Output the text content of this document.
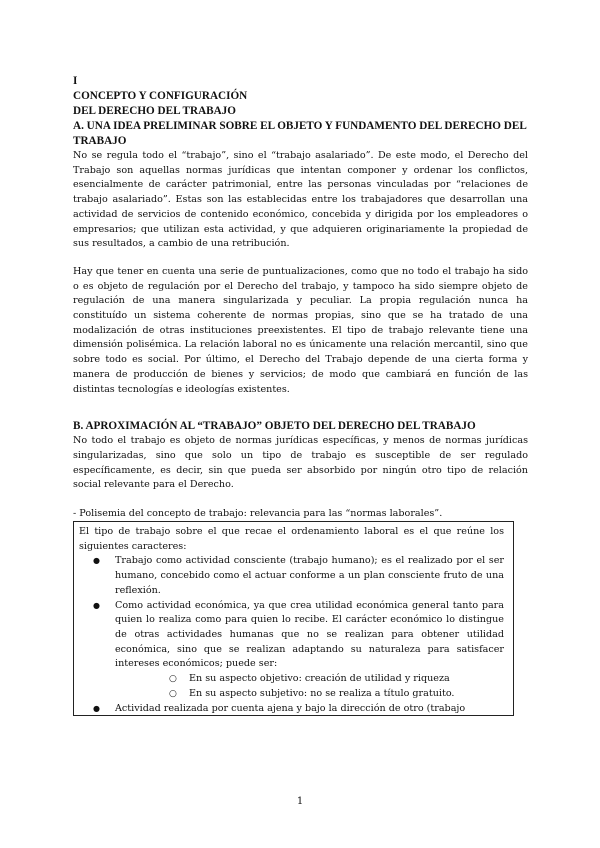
I

CONCEPTO Y CONFIGURACIÓN

DEL DERECHO DEL TRABAJO

A. UNA IDEA PRELIMINAR SOBRE EL OBJETO Y FUNDAMENTO DEL DERECHO DEL TRABAJO

No se regula todo el “trabajo”, sino el “trabajo asalariado”. De este modo, el Derecho del Trabajo son aquellas normas jurídicas que intentan componer y ordenar los conflictos, esencialmente de carácter patrimonial, entre las personas vinculadas por “relaciones de trabajo asalariado”. Estas son las establecidas entre los trabajadores que desarrollan una actividad de servicios de contenido económico, concebida y dirigida por los empleadores o empresarios; que utilizan esta actividad, y que adquieren originariamente la propiedad de sus resultados, a cambio de una retribución.

Hay que tener en cuenta una serie de puntualizaciones, como que no todo el trabajo ha sido o es objeto de regulación por el Derecho del trabajo, y tampoco ha sido siempre objeto de regulación de una manera singularizada y peculiar. La propia regulación nunca ha constituído un sistema coherente de normas propias, sino que se ha tratado de una modalización de otras instituciones preexistentes. El tipo de trabajo relevante tiene una dimensión polisémica. La relación laboral no es únicamente una relación mercantil, sino que sobre todo es social. Por último, el Derecho del Trabajo depende de una cierta forma y manera de producción de bienes y servicios; de modo que cambiará en función de las distintas tecnologías e ideologías existentes.

B. APROXIMACIÓN AL “TRABAJO” OBJETO DEL DERECHO DEL TRABAJO

No todo el trabajo es objeto de normas jurídicas específicas, y menos de normas jurídicas singularizadas, sino que solo un tipo de trabajo es susceptible de ser regulado específicamente, es decir, sin que pueda ser absorbido por ningún otro tipo de relación social relevante para el Derecho.

- Polisemia del concepto de trabajo: relevancia para las “normas laborales”.

El tipo de trabajo sobre el que recae el ordenamiento laboral es el que reúne los siguientes caracteres:

● Trabajo como actividad consciente (trabajo humano); es el realizado por el ser humano, concebido como el actuar conforme a un plan consciente fruto de una reflexión.
● Como actividad económica, ya que crea utilidad económica general tanto para quien lo realiza como para quien lo recibe. El carácter económico lo distingue de otras actividades humanas que no se realizan para obtener utilidad económica, sino que se realizan adaptando su naturaleza para satisfacer intereses económicos; puede ser:
○ En su aspecto objetivo: creación de utilidad y riqueza
○ En su aspecto subjetivo: no se realiza a título gratuito.
● Actividad realizada por cuenta ajena y bajo la dirección de otro (trabajo
1
